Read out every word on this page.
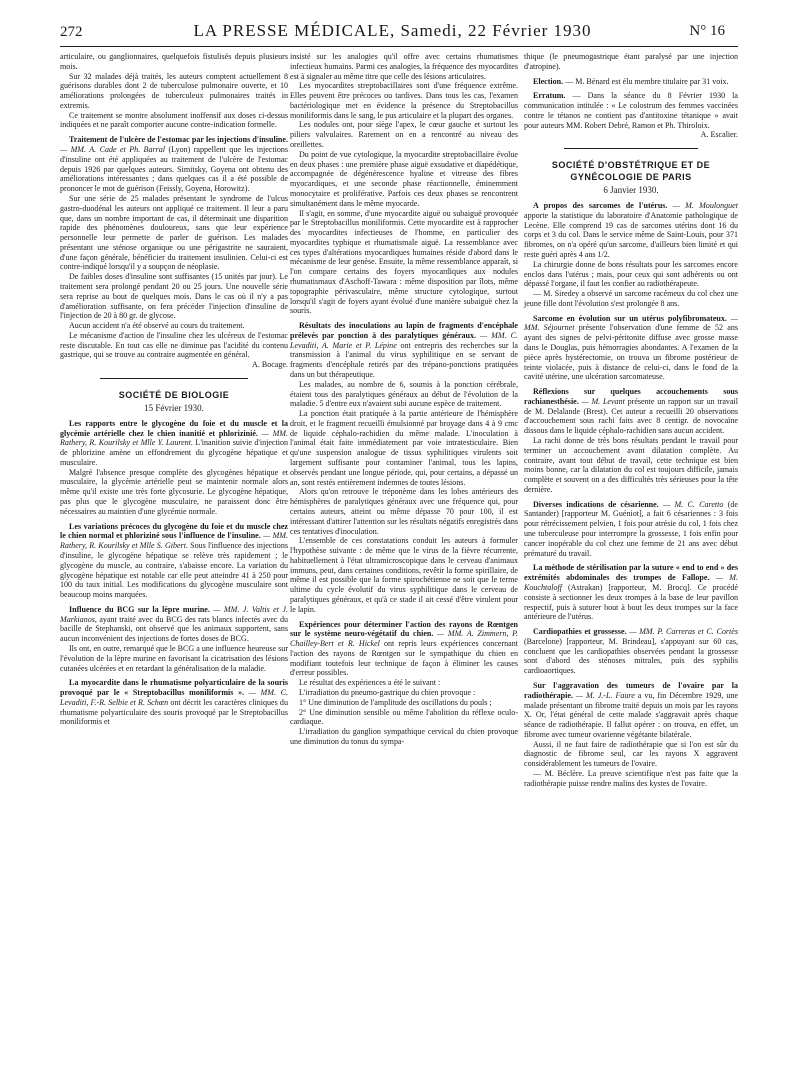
272	LA PRESSE MÉDICALE, Samedi, 22 Février 1930	N° 16

articulaire, ou ganglionnaires, quelquefois fistulisés depuis plusieurs mois.

Sur 32 malades déjà traités, les auteurs comptent actuellement 8 guérisons durables dont 2 de tuberculose pulmonaire ouverte, et 10 améliorations prolongées de tuberculeux pulmonaires traités in extremis.

Ce traitement se montre absolument inoffensif aux doses ci-dessus indiquées et ne paraît comporter aucune contre-indication formelle.

Traitement de l'ulcère de l'estomac par les injections d'insuline. — MM. A. Cade et Ph. Barral (Lyon) rappellent que les injections d'insuline ont été appliquées au traitement de l'ulcère de l'estomac depuis 1926 par quelques auteurs. Simitsky, Goyena ont obtenu des améliorations intéressantes ; dans quelques cas il a été possible de prononcer le mot de guérison (Feissly, Goyena, Horowitz).

Sur une série de 25 malades présentant le syndrome de l'ulcus gastro-duodénal les auteurs ont appliqué ce traitement. Il leur a paru que, dans un nombre important de cas, il déterminait une disparition rapide des phénomènes douloureux, sans que leur expérience personnelle leur permette de parler de guérison. Les malades présentant une sténose organique ou une périgastrite ne sauraient, d'une façon générale, bénéficier du traitement insulinien. Celui-ci est contre-indiqué lorsqu'il y a soupçon de néoplasie.

De faibles doses d'insuline sont suffisantes (15 unités par jour). Le traitement sera prolongé pendant 20 ou 25 jours. Une nouvelle série sera reprise au bout de quelques mois. Dans le cas où il n'y a pas d'amélioration suffisante, on fera précéder l'injection d'insuline de l'injection de 20 à 80 gr. de glycose.

Aucun accident n'a été observé au cours du traitement.

Le mécanisme d'action de l'insuline chez les ulcéreux de l'estomac reste discutable. En tout cas elle ne diminue pas l'acidité du contenu gastrique, qui se trouve au contraire augmentée en général.

A. Bocage.

SOCIÉTÉ DE BIOLOGIE
15 Février 1930.

Les rapports entre le glycogène du foie et du muscle et la glycémie artérielle chez le chien inanitié et phlorizinié. — MM. Rathery, R. Kourilsky et Mlle Y. Laurent. L'inanition suivie d'injection de phlorizine amène un effondrement du glycogène hépatique et musculaire.

Malgré l'absence presque complète des glycogènes hépatique et musculaire, la glycémie artérielle peut se maintenir normale alors même qu'il existe une très forte glycosurie. Le glycogène hépatique, pas plus que le glycogène musculaire, ne paraissent donc être nécessaires au maintien d'une glycémie normale.

Les variations précoces du glycogène du foie et du muscle chez le chien normal et phloriziné sous l'influence de l'insuline. — MM. Rathery, R. Kourilsky et Mlle S. Gibert. Sous l'influence des injections d'insuline, le glycogène hépatique se relève très rapidement ; le glycogène du muscle, au contraire, s'abaisse encore. La variation du glycogène hépatique est notable car elle peut atteindre 41 à 250 pour 100 du taux initial. Les modifications du glycogène musculaire sont beaucoup moins marquées.

Influence du BCG sur la lèpre murine. — MM. J. Valtis et J. Markianos, ayant traité avec du BCG des rats blancs infectés avec du bacille de Stephanski, ont observé que les animaux supportent, sans aucun inconvénient des injections de fortes doses de BCG.

Ils ont, en outre, remarqué que le BCG a une influence heureuse sur l'évolution de la lèpre murine en favorisant la cicatrisation des lésions cutanées ulcérées et en retardant la généralisation de la maladie.

La myocardite dans le rhumatisme polyarticulaire de la souris provoqué par le « Streptobacillus moniliformis ». — MM. C. Levaditi, F.-R. Selbie et R. Schœn ont décrit les caractères cliniques du rhumatisme polyarticulaire des souris provoqué par le Streptobacillus moniliformis et

insisté sur les analogies qu'il offre avec certains rhumatismes infectieux humains. Parmi ces analogies, la fréquence des myocardites est à signaler au même titre que celle des lésions articulaires.

Les myocardites streptobacillaires sont d'une fréquence extrême. Elles peuvent être précoces ou tardives. Dans tous les cas, l'examen bactériologique met en évidence la présence du Streptobacillus moniliformis dans le sang, le pus articulaire et la plupart des organes.

Les nodules ont, pour siège l'apex, le cœur gauche et surtout les piliers valvulaires. Rarement on en a rencontré au niveau des oreillettes.

Du point de vue cytologique, la myocardite streptobacillaire évolue en deux phases : une première phase aiguë exsudative et diapédétique, accompagnée de dégénérescence hyaline et vitreuse des fibres myocardiques, et une seconde phase réactionnelle, éminemment monocytaire et proliférative. Parfois ces deux phases se rencontrent simultanément dans le même myocarde.

Il s'agit, en somme, d'une myocardite aiguë ou subaiguë provoquée par le Streptobacillus moniliformis. Cette myocardite est à rapprocher des myocardites infectieuses de l'homme, en particulier des myocardites typhique et rhumatismale aiguë. La ressemblance avec ces types d'altérations myocardiques humaines réside d'abord dans le mécanisme de leur genèse. Ensuite, la même ressemblance apparaît, si l'on compare certains des foyers myocardiques aux nodules rhumatismaux d'Aschoff-Tawara : même disposition par îlots, même topographie périvasculaire, même structure cytologique, surtout lorsqu'il s'agit de foyers ayant évolué d'une manière subaiguë chez la souris.

Résultats des inoculations au lapin de fragments d'encéphale prélevés par ponction à des paralytiques généraux. — MM. C. Levaditi, A. Marie et P. Lépine ont entrepris des recherches sur la transmission à l'animal du virus syphilitique en se servant de fragments d'encéphale retirés par des trépano-ponctions pratiquées dans un but thérapeutique.

Les malades, au nombre de 6, soumis à la ponction cérébrale, étaient tous des paralytiques généraux au début de l'évolution de la maladie. 5 d'entre eux n'avaient subi aucune espèce de traitement.

La ponction était pratiquée à la partie antérieure de l'hémisphère droit, et le fragment recueilli émulsionné par broyage dans 4 à 9 cmc de liquide céphalo-rachidien du même malade. L'inoculation à l'animal était faite immédiatement par voie intratesticulaire. Bien qu'une suspension analogue de tissus syphilitiques virulents soit largement suffisante pour contaminer l'animal, tous les lapins, observés pendant une longue période, qui, pour certains, a dépassé un an, sont restés entièrement indemnes de toutes lésions.

Alors qu'on retrouve le tréponème dans les lobes antérieurs des hémisphères de paralytiques généraux avec une fréquence qui, pour certains auteurs, atteint ou même dépasse 70 pour 100, il est intéressant d'attirer l'attention sur les résultats négatifs enregistrés dans ces tentatives d'inoculation.

L'ensemble de ces constatations conduit les auteurs à formuler l'hypothèse suivante : de même que le virus de la fièvre récurrente, habituellement à l'état ultramicroscopique dans le cerveau d'animaux immuns, peut, dans certaines conditions, revêtir la forme spirillaire, de même il est possible que la forme spirochétienne ne soit que le terme ultime du cycle évolutif du virus syphilitique dans le cerveau de paralytiques généraux, et qu'à ce stade il ait cessé d'être virulent pour le lapin.

Expériences pour déterminer l'action des rayons de Rœntgen sur le système neuro-végétatif du chien. — MM. A. Zimmern, P. Chailley-Bert et R. Hickel ont repris leurs expériences concernant l'action des rayons de Rœntgen sur le sympathique du chien en modifiant toutefois leur technique de façon à éliminer les causes d'erreur possibles.

Le résultat des expériences a été le suivant :

L'irradiation du pneumo-gastrique du chien provoque :

1° Une diminution de l'amplitude des oscillations du pouls ;

2° Une diminution sensible ou même l'abolition du réflexe oculo-cardiaque.

L'irradiation du ganglion sympathique cervical du chien provoque une diminution du tonus du sympa-

thique (le pneumogastrique étant paralysé par une injection d'atropine).

Election. — M. Bénard est élu membre titulaire par 31 voix.

Erratum. — Dans la séance du 8 Février 1930 la communication intitulée : « Le colostrum des femmes vaccinées contre le tétanos ne contient pas d'antitoxine tétanique » avait pour auteurs MM. Robert Debré, Ramon et Ph. Thiroloix.

A. Escalier.

SOCIÉTÉ D'OBSTÉTRIQUE ET DE GYNÉCOLOGIE DE PARIS
6 Janvier 1930.

A propos des sarcomes de l'utérus. — M. Moulonguet apporte la statistique du laboratoire d'Anatomie pathologique de Lecène. Elle comprend 19 cas de sarcomes utérins dont 16 du corps et 3 du col. Dans le service même de Saint-Louis, pour 371 fibromes, on n'a opéré qu'un sarcome, d'ailleurs bien limité et qui reste guéri après 4 ans 1/2.

La chirurgie donne de bons résultats pour les sarcomes encore enclos dans l'utérus ; mais, pour ceux qui sont adhérents ou ont dépassé l'organe, il faut les confier au radiothérapeute.

— M. Siredey a observé un sarcome racémeux du col chez une jeune fille dont l'évolution s'est prolongée 8 ans.

Sarcome en évolution sur un utérus polyfibromateux. — MM. Séjournet présente l'observation d'une femme de 52 ans ayant des signes de pelvi-péritonite diffuse avec grosse masse dans le Douglas, puis hémorragies abondantes. A l'examen de la pièce après hystérectomie, on trouva un fibrome postérieur de teinte violacée, puis à distance de celui-ci, dans le fond de la cavité utérine, une ulcération sarcomateuse.

Réflexions sur quelques accouchements sous rachianesthésie. — M. Levant présente un rapport sur un travail de M. Delalande (Brest). Cet auteur a recueilli 20 observations d'accouchement sous rachi faits avec 8 centigr. de novocaïne dissous dans le liquide céphalo-rachidien sans aucun accident.

La rachi donne de très bons résultats pendant le travail pour terminer un accouchement avant dilatation complète. Au contraire, avant tout début de travail, cette technique est bien moins bonne, car la dilatation du col est toujours difficile, jamais complète et souvent on a des difficultés très sérieuses pour la tête dernière.

Diverses indications de césarienne. — M. C. Caretto (de Santander) [rapporteur M. Guéniot], a fait 6 césariennes : 3 fois pour rétrécissement pelvien, 1 fois pour atrésie du col, 1 fois chez une tuberculeuse pour interrompre la grossesse, 1 fois enfin pour cancer inopérable du col chez une femme de 21 ans avec début prématuré du travail.

La méthode de stérilisation par la suture « end to end » des extrémités abdominales des trompes de Fallope. — M. Kouchtaloff (Astrakan) [rapporteur, M. Brocq]. Ce procédé consiste à sectionner les deux trompes à la base de leur pavillon respectif, puis à suturer bout à bout les deux trompes sur la face antérieure de l'utérus.

Cardiopathies et grossesse. — MM. P. Carreras et C. Cortès (Barcelone) [rapporteur, M. Brindeau], s'appuyant sur 60 cas, concluent que les cardiopathies observées pendant la grossesse sont d'abord des sténoses mitrales, puis des syphilis cardioaortiques.

Sur l'aggravation des tumeurs de l'ovaire par la radiothérapie. — M. J.-L. Faure a vu, fin Décembre 1929, une malade présentant un fibrome traité depuis un mois par les rayons X. Or, l'état général de cette malade s'aggravait après chaque séance de radiothérapie. Il fallut opérer : on trouva, en effet, un fibrome avec tumeur ovarienne végétante bilatérale.

Aussi, il ne faut faire de radiothérapie que si l'on est sûr du diagnostic de fibrome seul, car les rayons X aggravent considérablement les tumeurs de l'ovaire.

— M. Béclère. La preuve scientifique n'est pas faite que la radiothérapie puisse rendre malins des kystes de l'ovaire.
